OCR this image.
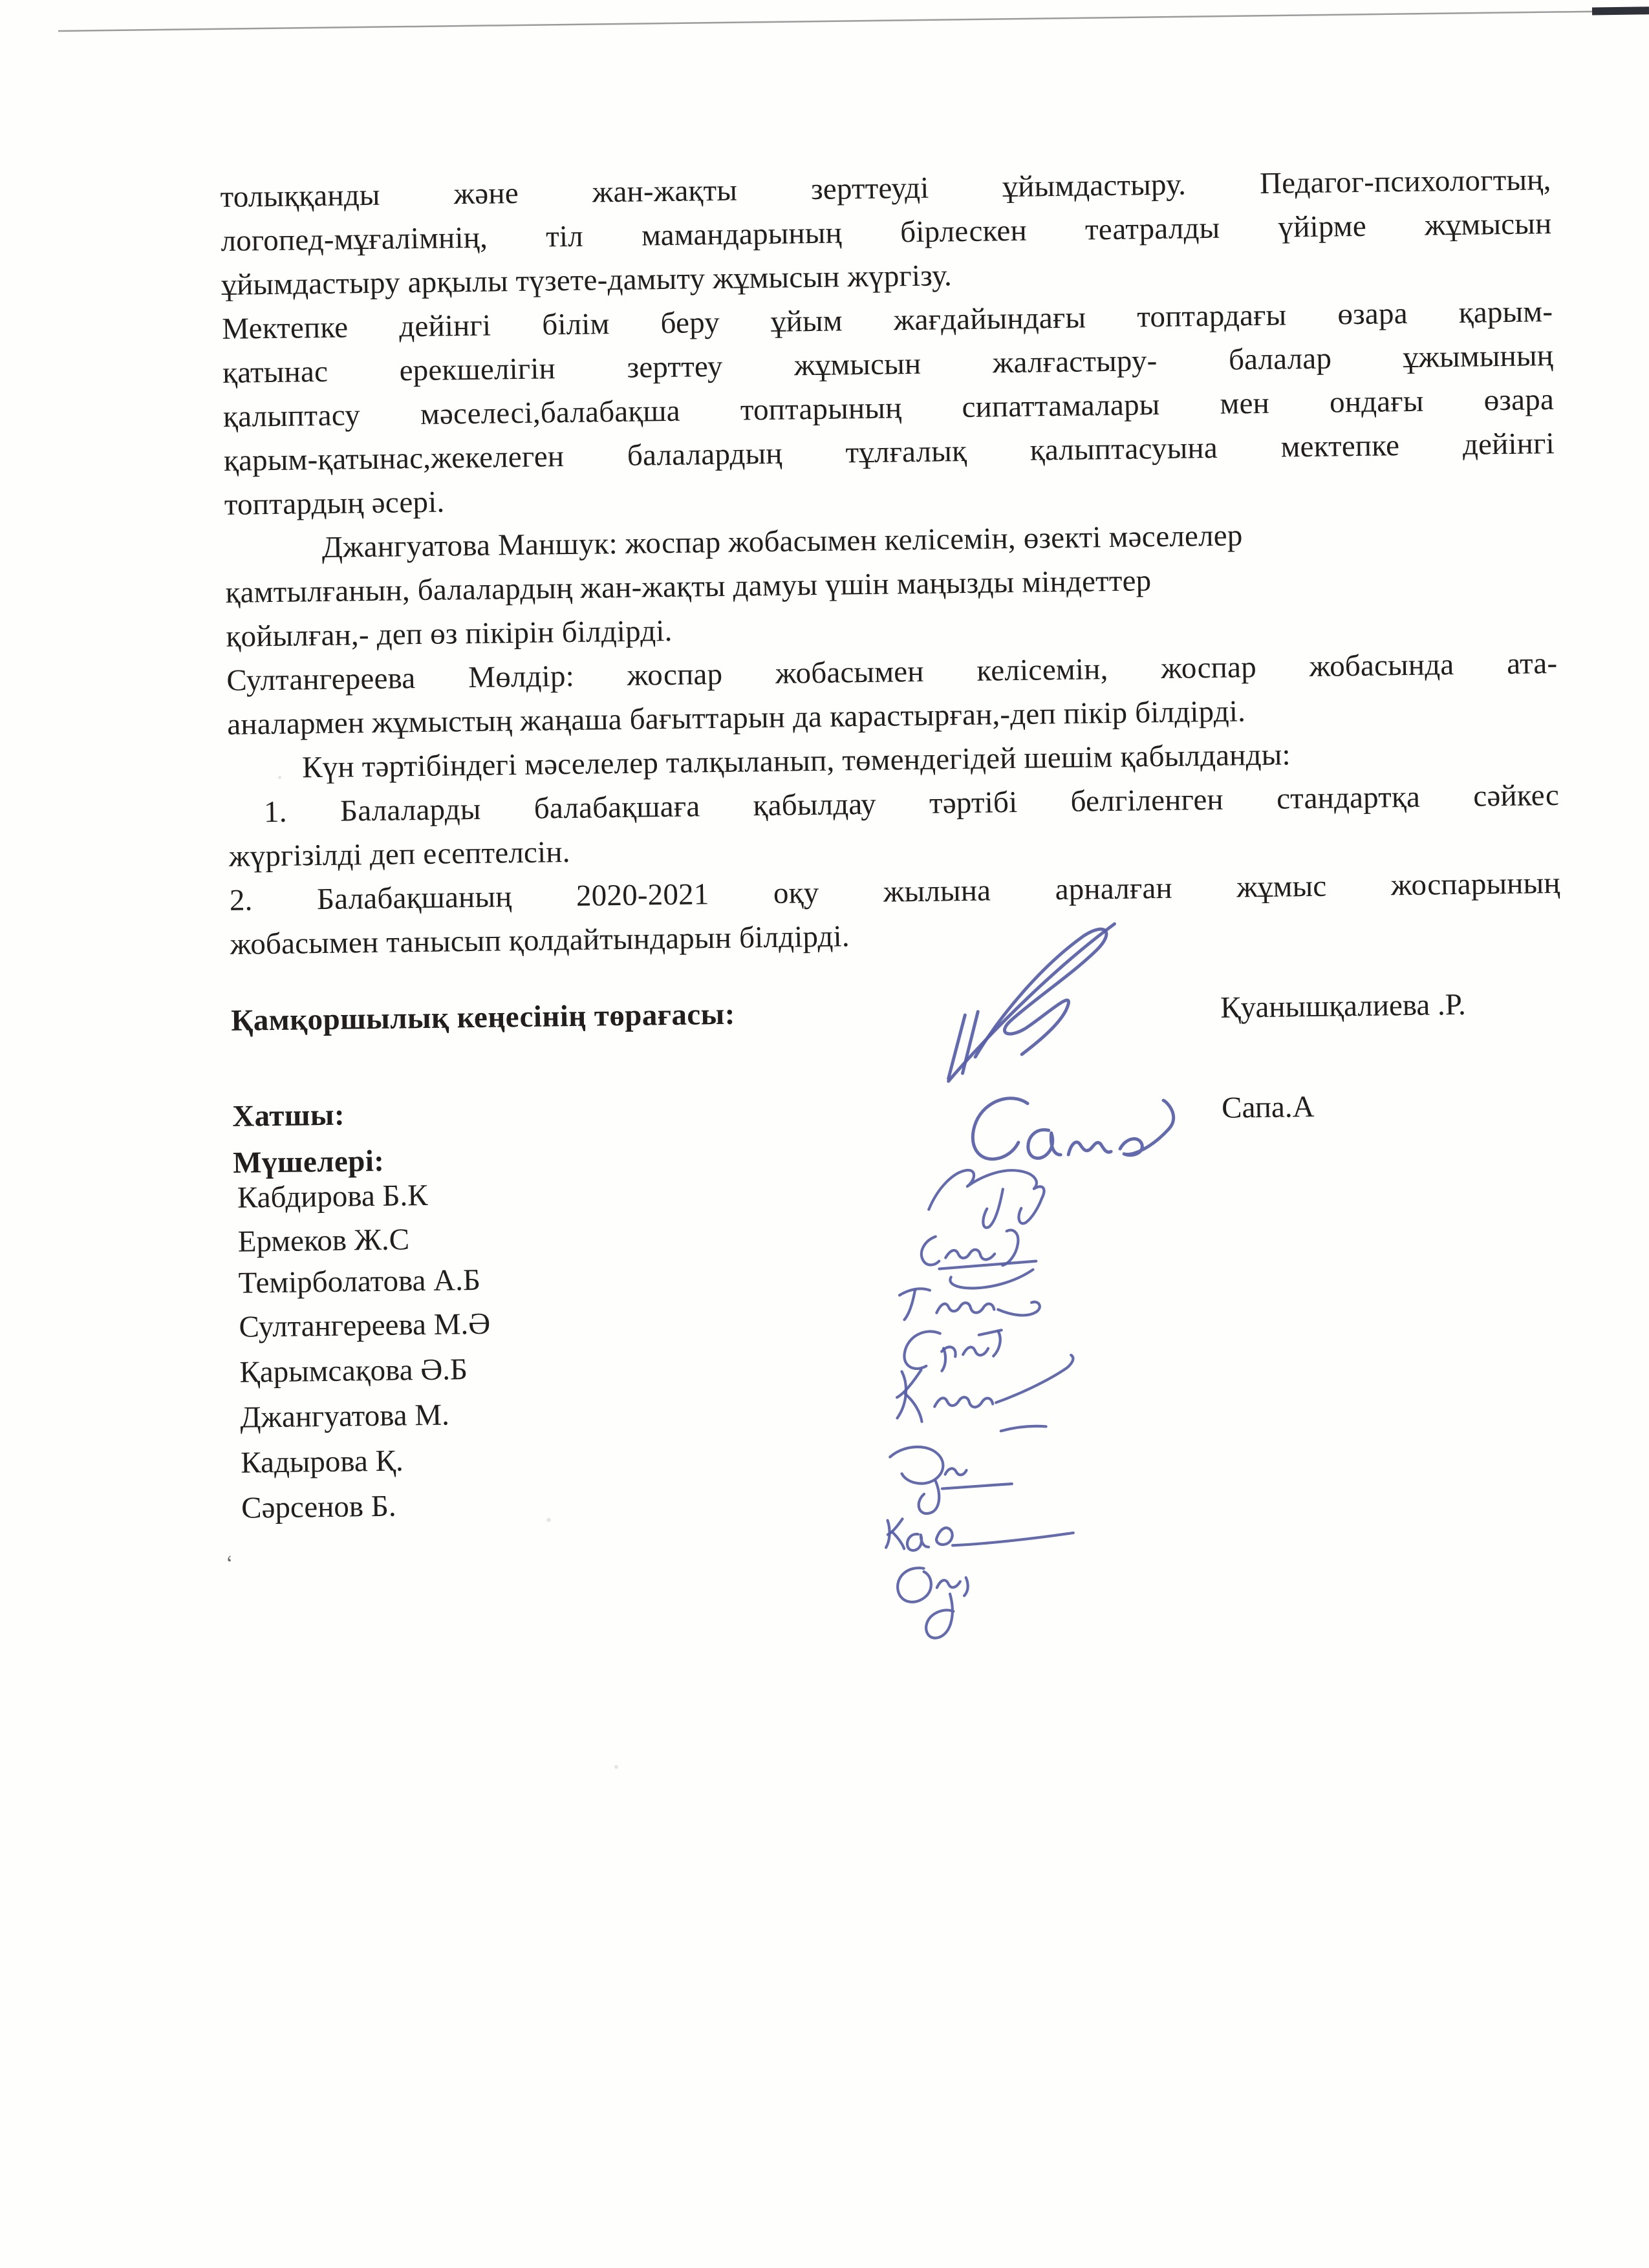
‘
толыққанды және жан-жақты зерттеуді ұйымдастыру. Педагог-психологтың,
логопед-мұғалімнің, тіл мамандарының бірлескен театралды үйірме жұмысын
ұйымдастыру арқылы түзете-дамыту жұмысын жүргізу.
Мектепке дейінгі білім беру ұйым жағдайындағы топтардағы өзара қарым-
қатынас ерекшелігін зерттеу жұмысын жалғастыру- балалар ұжымының
қалыптасу мәселесі,балабақша топтарының сипаттамалары мен ондағы өзара
қарым-қатынас,жекелеген балалардың тұлғалық қалыптасуына мектепке дейінгі
топтардың әсері.
Джангуатова Маншук: жоспар жобасымен келісемін, өзекті мәселелер
қамтылғанын, балалардың жан-жақты дамуы үшін маңызды міндеттер
қойылған,- деп өз пікірін білдірді.
Султангереева Мөлдір: жоспар жобасымен келісемін, жоспар жобасында ата-
аналармен жұмыстың жаңаша бағыттарын да карастырған,-деп пікір білдірді.
Күн тәртібіндегі мәселелер талқыланып, төмендегідей шешім қабылданды:
1. Балаларды балабақшаға қабылдау тәртібі белгіленген стандартқа сәйкес
жүргізілді деп есептелсін.
2. Балабақшаның 2020-2021 оқу жылына арналған жұмыс жоспарының
жобасымен танысып қолдайтындарын білдірді.
Қамқоршылық кеңесінің төрағасы:	Қуанышқалиева .Р.
Хатшы:	Сапа.А
Мүшелері:
Кабдирова Б.К
Ермеков Ж.С
Темірболатова А.Б
Султангереева М.Ә
Қарымсақова Ә.Б
Джангуатова М.
Кадырова Қ.
Сәрсенов Б.
